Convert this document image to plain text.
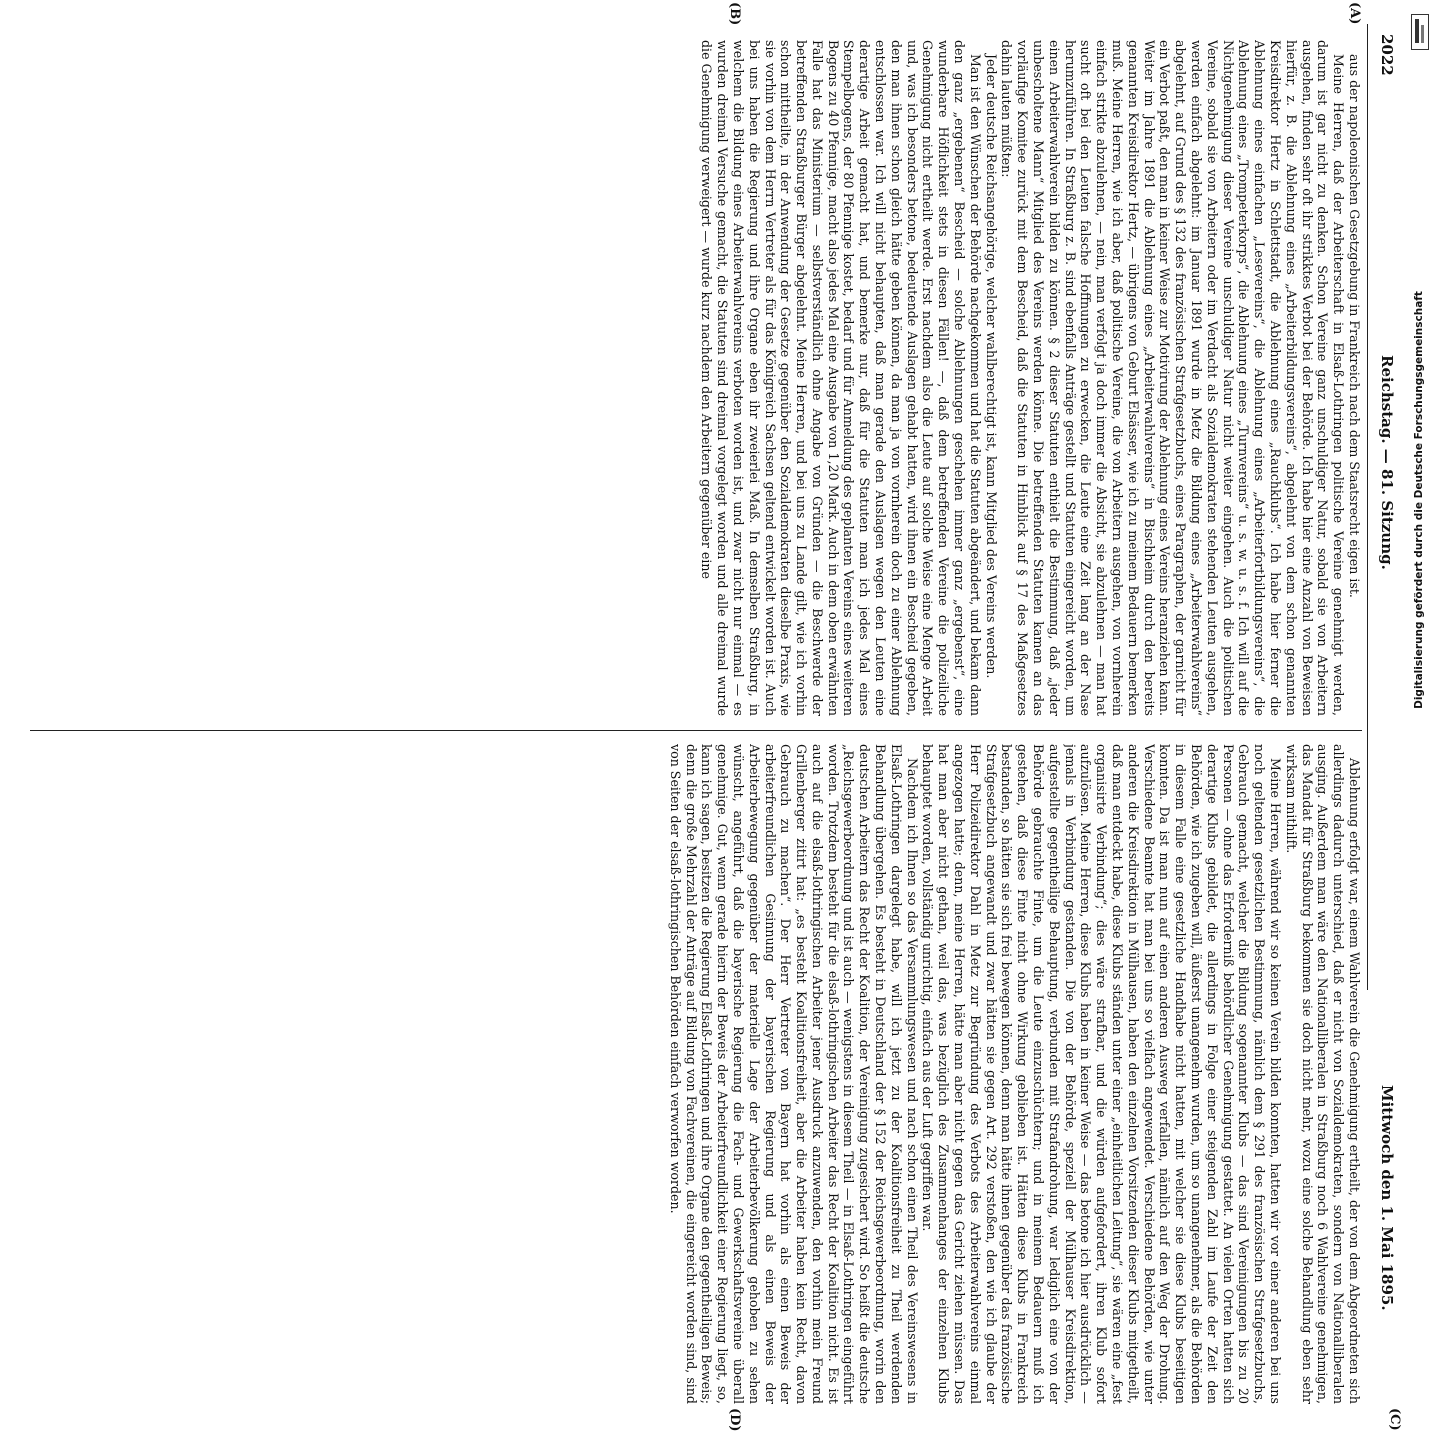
2022
Reichstag. — 81. Sitzung.
Mittwoch den 1. Mai 1895.
(A)
(B)
(C)
(D)

aus der napoleonischen Gesetzgebung in Frankreich nach dem Staatsrecht eigen ist.

Meine Herren, daß der Arbeiterschaft in Elsaß-Lothringen politische Vereine genehmigt werden, darum ist gar nicht zu denken. Schon Vereine ganz unschuldiger Natur, sobald sie von Arbeitern ausgehen, finden sehr oft ihr strikktes Verbot bei der Behörde. Ich habe hier eine Anzahl von Beweisen hierfür, z. B. die Ablehnung eines „Arbeiterbildungsvereins“, abgelehnt von dem schon genannten Kreisdirektor Hertz in Schlettstadt, die Ablehnung eines „Rauchklubs“. Ich habe hier ferner die Ablehnung eines einfachen „Lesevereins“, die Ablehnung eines „Arbeiterfortbildungsvereins“, die Ablehnung eines „Trompeterkorps“, die Ablehnung eines „Turnvereins“ u. s. w. u. s. f. Ich will auf die Nichtgenehmigung dieser Vereine unschuldiger Natur nicht weiter eingehen. Auch die politischen Vereine, sobald sie von Arbeitern oder im Verdacht als Sozialdemokraten stehenden Leuten ausgehen, werden einfach abgelehnt: im Januar 1891 wurde in Metz die Bildung eines „Arbeiterwahlvereins“ abgelehnt, auf Grund des § 132 des französischen Strafgesetzbuchs, eines Paragraphen, der garnicht für ein Verbot paßt, den man in keiner Weise zur Motivirung der Ablehnung eines Vereins heranziehen kann. Weiter im Jahre 1891 die Ablehnung eines „Arbeiterwahlvereins“ in Bischheim durch den bereits genannten Kreisdirektor Hertz, — übrigens von Geburt Elsässer, wie ich zu meinem Bedauern bemerken muß. Meine Herren, wie ich aber, daß politische Vereine, die von Arbeitern ausgehen, von vornherein einfach strikte abzulehnen, — nein, man verfolgt ja doch immer die Absicht, sie abzulehnen — man hat sucht oft bei den Leuten falsche Hoffnungen zu erwecken, die Leute eine Zeit lang an der Nase herumzuführen. In Straßburg z. B. sind ebenfalls Anträge gestellt und Statuten eingereicht worden, um einen Arbeiterwahlverein bilden zu können. § 2 dieser Statuten enthielt die Bestimmung, daß „jeder unbescholtene Mann“ Mitglied des Vereins werden könne. Die betreffenden Statuten kamen an das vorläufige Komitee zurück mit dem Bescheid, daß die Statuten in Hinblick auf § 17 des Maßgesetzes dahin lauten müßten:

Jeder deutsche Reichsangehörige, welcher wahlberechtigt ist, kann Mitglied des Vereins werden.

Man ist den Wünschen der Behörde nachgekommen und hat die Statuten abgeändert, und bekam dann den ganz „ergebenen“ Bescheid — solche Ablehnungen geschehen immer ganz „ergebenst“, eine wunderbare Höflichkeit stets in diesen Fällen! —, daß dem betreffenden Vereine die polizeiliche Genehmigung nicht ertheilt werde. Erst nachdem also die Leute auf solche Weise eine Menge Arbeit und, was ich besonders betone, bedeutende Auslagen gehabt hatten, wird ihnen ein Bescheid gegeben, den man ihnen schon gleich hätte geben können, da man ja von vornherein doch zu einer Ablehnung entschlossen war. Ich will nicht behaupten, daß man gerade den Auslagen wegen den Leuten eine derartige Arbeit gemacht hat, und bemerke nur, daß für die Statuten man ich jedes Mal eines Stempelbogens, der 80 Pfennige kostet, bedarf und für Anmeldung des geplanten Vereins eines weiteren Bogens zu 40 Pfennige, macht also jedes Mal eine Ausgabe von 1,20 Mark. Auch in dem oben erwähnten Falle hat das Ministerium — selbstverständlich ohne Angabe von Gründen — die Beschwerde der betreffenden Straßburger Bürger abgelehnt. Meine Herren, und bei uns zu Lande gilt, wie ich vorhin schon mittheilte, in der Anwendung der Gesetze gegenüber den Sozialdemokraten dieselbe Praxis, wie sie vorhin von dem Herrn Vertreter als für das Königreich Sachsen geltend entwickelt worden ist. Auch bei uns haben die Regierung und ihre Organe eben ihr zweierlei Maß. In demselben Straßburg, in welchem die Bildung eines Arbeiterwahlvereins verboten worden ist, und zwar nicht nur einmal — es wurden dreimal Versuche gemacht, die Statuten sind dreimal vorgelegt worden und alle dreimal wurde die Genehmigung verweigert — wurde kurz nachdem den Arbeitern gegenüber eine

Ablehnung erfolgt war, einem Wahlverein die Genehmigung ertheilt, der von dem Abgeordneten sich allerdings dadurch unterschied, daß er nicht von Sozialdemokraten, sondern von Nationalliberalen ausging. Außerdem man wäre den Nationalliberalen in Straßburg noch 6 Wahlvereine genehmigen, das Mandat für Straßburg bekommen sie doch nicht mehr, wozu eine solche Behandlung eben sehr wirksam mithilft.

Meine Herren, während wir so keinen Verein bilden konnten, hatten wir vor einer anderen bei uns noch geltenden gesetzlichen Bestimmung, nämlich dem § 291 des französischen Strafgesetzbuchs, Gebrauch gemacht, welcher die Bildung sogenannter Klubs — das sind Vereinigungen bis zu 20 Personen — ohne das Erforderniß behördlicher Genehmigung gestattet. An vielen Orten hatten sich derartige Klubs gebildet, die allerdings in Folge einer steigenden Zahl im Laufe der Zeit den Behörden, wie ich zugeben will, äußerst unangenehm wurden, um so unangenehmer, als die Behörden in diesem Falle eine gesetzliche Handhabe nicht hatten, mit welcher sie diese Klubs beseitigen konnten. Da ist man nun auf einen anderen Ausweg verfallen, nämlich auf den Weg der Drohung. Verschiedene Beamte hat man bei uns so vielfach angewendet. Verschiedene Behörden, wie unter anderen die Kreisdirektion in Mülhausen, haben den einzelnen Vorsitzenden dieser Klubs mitgetheilt, daß man entdeckt habe, diese Klubs ständen unter einer „einheitlichen Leitung“, sie wären eine „fest organisirte Verbindung“; dies wäre strafbar, und die würden aufgefordert, ihren Klub sofort aufzulösen. Meine Herren, diese Klubs haben in keiner Weise — das betone ich hier ausdrücklich — jemals in Verbindung gestanden. Die von der Behörde, speziell der Mülhauser Kreisdirektion, aufgestellte gegentheilige Behauptung, verbunden mit Strafandrohung, war lediglich eine von der Behörde gebrauchte Finte, um die Leute einzuschüchtern; und in meinem Bedauern muß ich gestehen, daß diese Finte nicht ohne Wirkung geblieben ist. Hätten diese Klubs in Frankreich bestanden, so hätten sie sich frei bewegen können, denn man hätte ihnen gegenüber das französische Strafgesetzbuch angewandt und zwar hätten sie gegen Art. 292 verstoßen, den wie ich glaube der Herr Polizeidirektor Dahl in Metz zur Begründung des Verbots des Arbeiterwahlvereins einmal angezogen hatte; denn, meine Herren, hätte man aber nicht gegen das Gericht ziehen müssen. Das hat man aber nicht gethan, weil das, was bezüglich des Zusammenhanges der einzelnen Klubs behauptet worden, vollständig unrichtig, einfach aus der Luft gegriffen war.

Nachdem ich Ihnen so das Versammlungswesen und nach schon einen Theil des Vereinswesens in Elsaß-Lothringen dargelegt habe, will ich jetzt zu der Koalitionsfreiheit zu Theil werdenden Behandlung übergehen. Es besteht in Deutschland der § 152 der Reichsgewerbeordnung, worin den deutschen Arbeitern das Recht der Koalition, der Vereinigung zugesichert wird. So heißt die deutsche „Reichsgewerbeordnung und ist auch — wenigstens in diesem Theil — in Elsaß-Lothringen eingeführt worden. Trotzdem besteht für die elsaß-lothringischen Arbeiter das Recht der Koalition nicht. Es ist auch auf die elsaß-lothringischen Arbeiter jener Ausdruck anzuwenden, den vorhin mein Freund Grillenberger zitirt hat: „es besteht Koalitionsfreiheit, aber die Arbeiter haben kein Recht, davon Gebrauch zu machen“. Der Herr Vertreter von Bayern hat vorhin als einen Beweis der arbeiterfreundlichen Gesinnung der bayerischen Regierung und als einen Beweis der Arbeiterbewegung gegenüber der materielle Lage der Arbeiterbevölkerung gehoben zu sehen wünscht, angeführt, daß die bayerische Regierung die Fach- und Gewerkschaftsvereine überall genehmige. Gut, wenn gerade hierin der Beweis der Arbeiterfreundlichkeit einer Regierung liegt, so, kann ich sagen, besitzen die Regierung Elsaß-Lothringen und ihre Organe den gegentheiligen Beweis; denn die große Mehrzahl der Anträge auf Bildung von Fachvereinen, die eingereicht worden sind, sind von Seiten der elsaß-lothringischen Behörden einfach verworfen worden.

Digitalisierung gefördert durch die Deutsche Forschungsgemeinschaft
